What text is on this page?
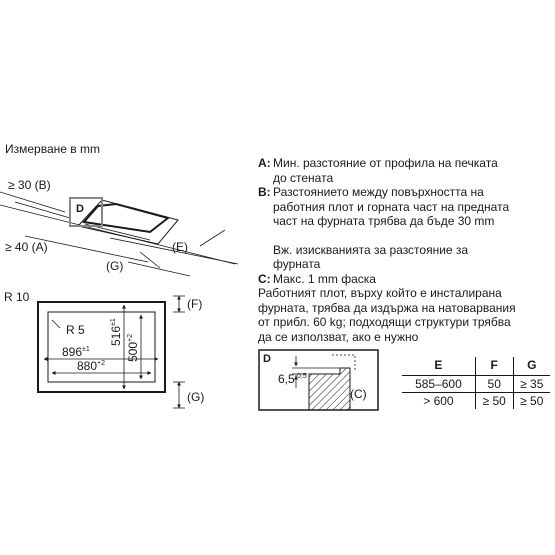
Измерване в mm
D
≥ 30 (B)
≥ 40 (A)	(E)
(G)
R 10
R 5
$896^{\pm 1}$
$880^{+2}$
$516^{\pm 1}$
$500^{+2}$
(F)
(G)
D
$6,5^{-0,5}$
(C)
A: Мин. разстояние от профила на печката
до стената
B: Разстоянието между повърхността на
работния плот и горната част на предната
част на фурната трябва да бъде 30 mm
Вж. изискванията за разстояние за
фурната
C: Макс. 1 mm фаска
Работният плот, върху който е инсталирана
фурната, трябва да издържа на натоварвания
от прибл. 60 kg; подходящи структури трябва
да се използват, ако е нужно
E	F	G
585–600	50	≥ 35
> 600	≥ 50	≥ 50
